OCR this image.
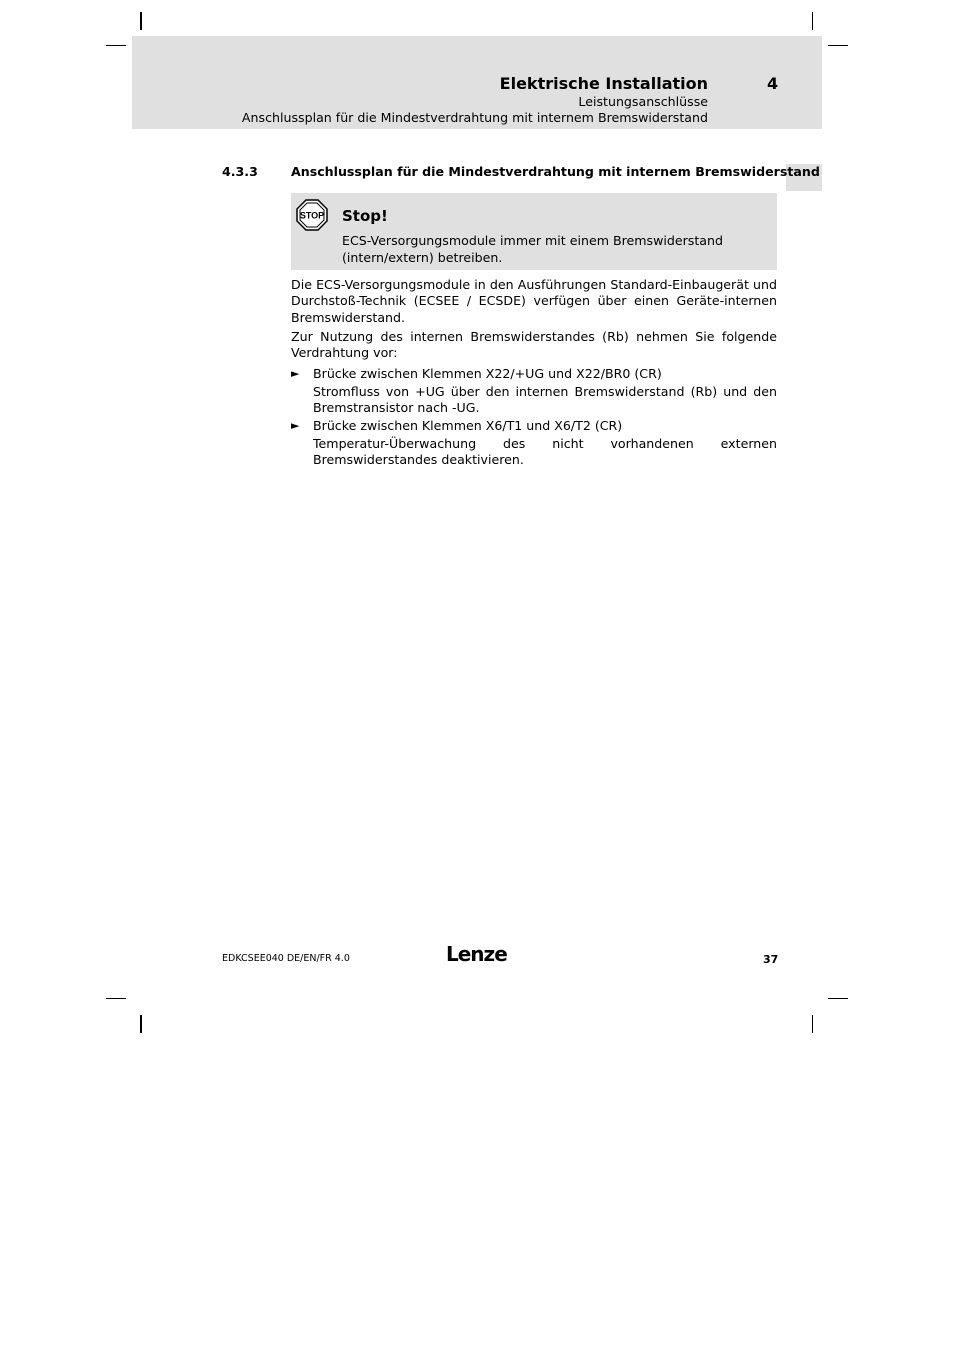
Elektrische Installation	4
Leistungsanschlüsse
Anschlussplan für die Mindestverdrahtung mit internem Bremswiderstand
4.3.3	Anschlussplan für die Mindestverdrahtung mit internem Bremswiderstand
STOP Stop!
ECS-Versorgungsmodule immer mit einem Bremswiderstand
(intern/extern) betreiben.
Die ECS-Versorgungsmodule in den Ausführungen Standard-Einbaugerät und Durchstoß-Technik (ECSEE / ECSDE) verfügen über einen Geräte-internen Bremswiderstand.
Zur Nutzung des internen Bremswiderstandes (Rb) nehmen Sie folgende Verdrahtung vor:
► Brücke zwischen Klemmen X22/+UG und X22/BR0 (CR)
Stromfluss von +UG über den internen Bremswiderstand (Rb) und den Bremstransistor nach -UG.
► Brücke zwischen Klemmen X6/T1 und X6/T2 (CR)
Temperatur-Überwachung des nicht vorhandenen externen Bremswiderstandes deaktivieren.
EDKCSEE040 DE/EN/FR 4.0	Lenze	37
